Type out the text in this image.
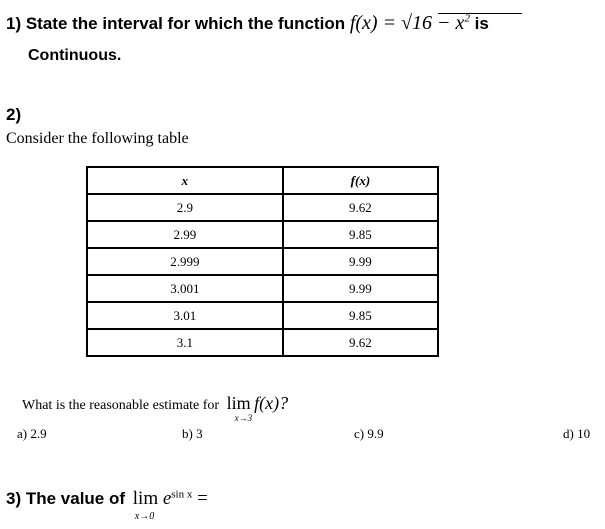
1) State the interval for which the function $f(x) = √16 - x^2$ is
Continuous.
2)
Consider the following table
x	f(x)
2.9	9.62
2.99	9.85
2.999	9.99
3.001	9.99
3.01	9.85
3.1	9.62
What is the reasonable estimate for lim
x→3
f(x)?
a) 2.9	b) 3	c) 9.9	d) 10
3) The value of lim
x→0
$e^{sin x}$ =
